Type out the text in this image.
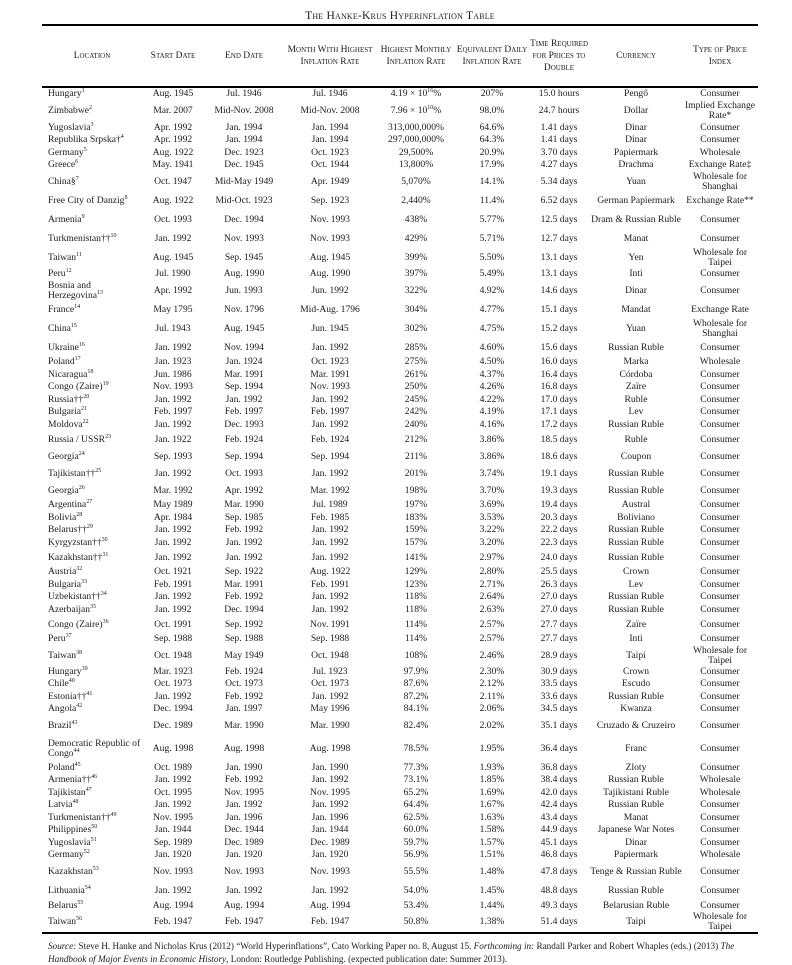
The Hanke-Krus Hyperinflation Table
Location	Start Date	End Date	Month With Highest Inflation Rate	Highest Monthly Inflation Rate	Equivalent Daily Inflation Rate	Time Required for Prices to Double	Currency	Type of Price Index
Hungary$^1$	Aug. 1945	Jul. 1946	Jul. 1946	$4.19 \times 10^{16}\%$	207%	15.0 hours	Pengő	Consumer
Zimbabwe$^2$	Mar. 2007	Mid-Nov. 2008	Mid-Nov. 2008	$7.96 \times 10^{10}\%$	98.0%	24.7 hours	Dollar	Implied Exchange Rate*
Yugoslavia$^3$	Apr. 1992	Jan. 1994	Jan. 1994	313,000,000%	64.6%	1.41 days	Dinar	Consumer
Republika Srpska†$^4$	Apr. 1992	Jan. 1994	Jan. 1994	297,000,000%	64.3%	1.41 days	Dinar	Consumer
Germany$^5$	Aug. 1922	Dec. 1923	Oct. 1923	29,500%	20.9%	3.70 days	Papiermark	Wholesale
Greece$^6$	May. 1941	Dec. 1945	Oct. 1944	13,800%	17.9%	4.27 days	Drachma	Exchange Rate‡
China§$^7$	Oct. 1947	Mid-May 1949	Apr. 1949	5,070%	14.1%	5.34 days	Yuan	Wholesale for Shanghai
Free City of Danzig$^8$	Aug. 1922	Mid-Oct. 1923	Sep. 1923	2,440%	11.4%	6.52 days	German Papiermark	Exchange Rate**
Armenia$^9$	Oct. 1993	Dec. 1994	Nov. 1993	438%	5.77%	12.5 days	Dram & Russian Ruble	Consumer
Turkmenistan††$^{10}$	Jan. 1992	Nov. 1993	Nov. 1993	429%	5.71%	12.7 days	Manat	Consumer
Taiwan$^{11}$	Aug. 1945	Sep. 1945	Aug. 1945	399%	5.50%	13.1 days	Yen	Wholesale for Taipei
Peru$^{12}$	Jul. 1990	Aug. 1990	Aug. 1990	397%	5.49%	13.1 days	Inti	Consumer
Bosnia and Herzegovina$^{13}$	Apr. 1992	Jun. 1993	Jun. 1992	322%	4.92%	14.6 days	Dinar	Consumer
France$^{14}$	May 1795	Nov. 1796	Mid-Aug. 1796	304%	4.77%	15.1 days	Mandat	Exchange Rate
China$^{15}$	Jul. 1943	Aug. 1945	Jun. 1945	302%	4.75%	15.2 days	Yuan	Wholesale for Shanghai
Ukraine$^{16}$	Jan. 1992	Nov. 1994	Jan. 1992	285%	4.60%	15.6 days	Russian Ruble	Consumer
Poland$^{17}$	Jan. 1923	Jan. 1924	Oct. 1923	275%	4.50%	16.0 days	Marka	Wholesale
Nicaragua$^{18}$	Jun. 1986	Mar. 1991	Mar. 1991	261%	4.37%	16.4 days	Córdoba	Consumer
Congo (Zaire)$^{19}$	Nov. 1993	Sep. 1994	Nov. 1993	250%	4.26%	16.8 days	Zaïre	Consumer
Russia††$^{20}$	Jan. 1992	Jan. 1992	Jan. 1992	245%	4.22%	17.0 days	Ruble	Consumer
Bulgaria$^{21}$	Feb. 1997	Feb. 1997	Feb. 1997	242%	4.19%	17.1 days	Lev	Consumer
Moldova$^{22}$	Jan. 1992	Dec. 1993	Jan. 1992	240%	4.16%	17.2 days	Russian Ruble	Consumer
Russia / USSR$^{23}$	Jan. 1922	Feb. 1924	Feb. 1924	212%	3.86%	18.5 days	Ruble	Consumer
Georgia$^{24}$	Sep. 1993	Sep. 1994	Sep. 1994	211%	3.86%	18.6 days	Coupon	Consumer
Tajikistan††$^{25}$	Jan. 1992	Oct. 1993	Jan. 1992	201%	3.74%	19.1 days	Russian Ruble	Consumer
Georgia$^{26}$	Mar. 1992	Apr. 1992	Mar. 1992	198%	3.70%	19.3 days	Russian Ruble	Consumer
Argentina$^{27}$	May 1989	Mar. 1990	Jul. 1989	197%	3.69%	19.4 days	Austral	Consumer
Bolivia$^{28}$	Apr. 1984	Sep. 1985	Feb. 1985	183%	3.53%	20.3 days	Boliviano	Consumer
Belarus††$^{29}$	Jan. 1992	Feb. 1992	Jan. 1992	159%	3.22%	22.2 days	Russian Ruble	Consumer
Kyrgyzstan††$^{30}$	Jan. 1992	Jan. 1992	Jan. 1992	157%	3.20%	22.3 days	Russian Ruble	Consumer
Kazakhstan††$^{31}$	Jan. 1992	Jan. 1992	Jan. 1992	141%	2.97%	24.0 days	Russian Ruble	Consumer
Austria$^{32}$	Oct. 1921	Sep. 1922	Aug. 1922	129%	2.80%	25.5 days	Crown	Consumer
Bulgaria$^{33}$	Feb. 1991	Mar. 1991	Feb. 1991	123%	2.71%	26.3 days	Lev	Consumer
Uzbekistan††$^{34}$	Jan. 1992	Feb. 1992	Jan. 1992	118%	2.64%	27.0 days	Russian Ruble	Consumer
Azerbaijan$^{35}$	Jan. 1992	Dec. 1994	Jan. 1992	118%	2.63%	27.0 days	Russian Ruble	Consumer
Congo (Zaire)$^{36}$	Oct. 1991	Sep. 1992	Nov. 1991	114%	2.57%	27.7 days	Zaïre	Consumer
Peru$^{37}$	Sep. 1988	Sep. 1988	Sep. 1988	114%	2.57%	27.7 days	Inti	Consumer
Taiwan$^{38}$	Oct. 1948	May 1949	Oct. 1948	108%	2.46%	28.9 days	Taipi	Wholesale for Taipei
Hungary$^{39}$	Mar. 1923	Feb. 1924	Jul. 1923	97.9%	2.30%	30.9 days	Crown	Consumer
Chile$^{40}$	Oct. 1973	Oct. 1973	Oct. 1973	87.6%	2.12%	33.5 days	Escudo	Consumer
Estonia††$^{41}$	Jan. 1992	Feb. 1992	Jan. 1992	87.2%	2.11%	33.6 days	Russian Ruble	Consumer
Angola$^{42}$	Dec. 1994	Jan. 1997	May 1996	84.1%	2.06%	34.5 days	Kwanza	Consumer
Brazil$^{43}$	Dec. 1989	Mar. 1990	Mar. 1990	82.4%	2.02%	35.1 days	Cruzado & Cruzeiro	Consumer
Democratic Republic of Congo$^{44}$	Aug. 1998	Aug. 1998	Aug. 1998	78.5%	1.95%	36.4 days	Franc	Consumer
Poland$^{45}$	Oct. 1989	Jan. 1990	Jan. 1990	77.3%	1.93%	36.8 days	Zloty	Consumer
Armenia††$^{46}$	Jan. 1992	Feb. 1992	Jan. 1992	73.1%	1.85%	38.4 days	Russian Ruble	Wholesale
Tajikistan$^{47}$	Oct. 1995	Nov. 1995	Nov. 1995	65.2%	1.69%	42.0 days	Tajikistani Ruble	Wholesale
Latvia$^{48}$	Jan. 1992	Jan. 1992	Jan. 1992	64.4%	1.67%	42.4 days	Russian Ruble	Consumer
Turkmenistan††$^{49}$	Nov. 1995	Jan. 1996	Jan. 1996	62.5%	1.63%	43.4 days	Manat	Consumer
Philippines$^{50}$	Jan. 1944	Dec. 1944	Jan. 1944	60.0%	1.58%	44.9 days	Japanese War Notes	Consumer
Yugoslavia$^{51}$	Sep. 1989	Dec. 1989	Dec. 1989	59.7%	1.57%	45.1 days	Dinar	Consumer
Germany$^{52}$	Jan. 1920	Jan. 1920	Jan. 1920	56.9%	1.51%	46.8 days	Papiermark	Wholesale
Kazakhstan$^{53}$	Nov. 1993	Nov. 1993	Nov. 1993	55.5%	1.48%	47.8 days	Tenge & Russian Ruble	Consumer
Lithuania$^{54}$	Jan. 1992	Jan. 1992	Jan. 1992	54.0%	1.45%	48.8 days	Russian Ruble	Consumer
Belarus$^{55}$	Aug. 1994	Aug. 1994	Aug. 1994	53.4%	1.44%	49.3 days	Belarusian Ruble	Consumer
Taiwan$^{56}$	Feb. 1947	Feb. 1947	Feb. 1947	50.8%	1.38%	51.4 days	Taipi	Wholesale for Taipei
Source: Steve H. Hanke and Nicholas Krus (2012) “World Hyperinflations”, Cato Working Paper no. 8, August 15. Forthcoming in: Randall Parker and Robert Whaples (eds.) (2013) The Handbook of Major Events in Economic History, London: Routledge Publishing. (expected publication date: Summer 2013).
